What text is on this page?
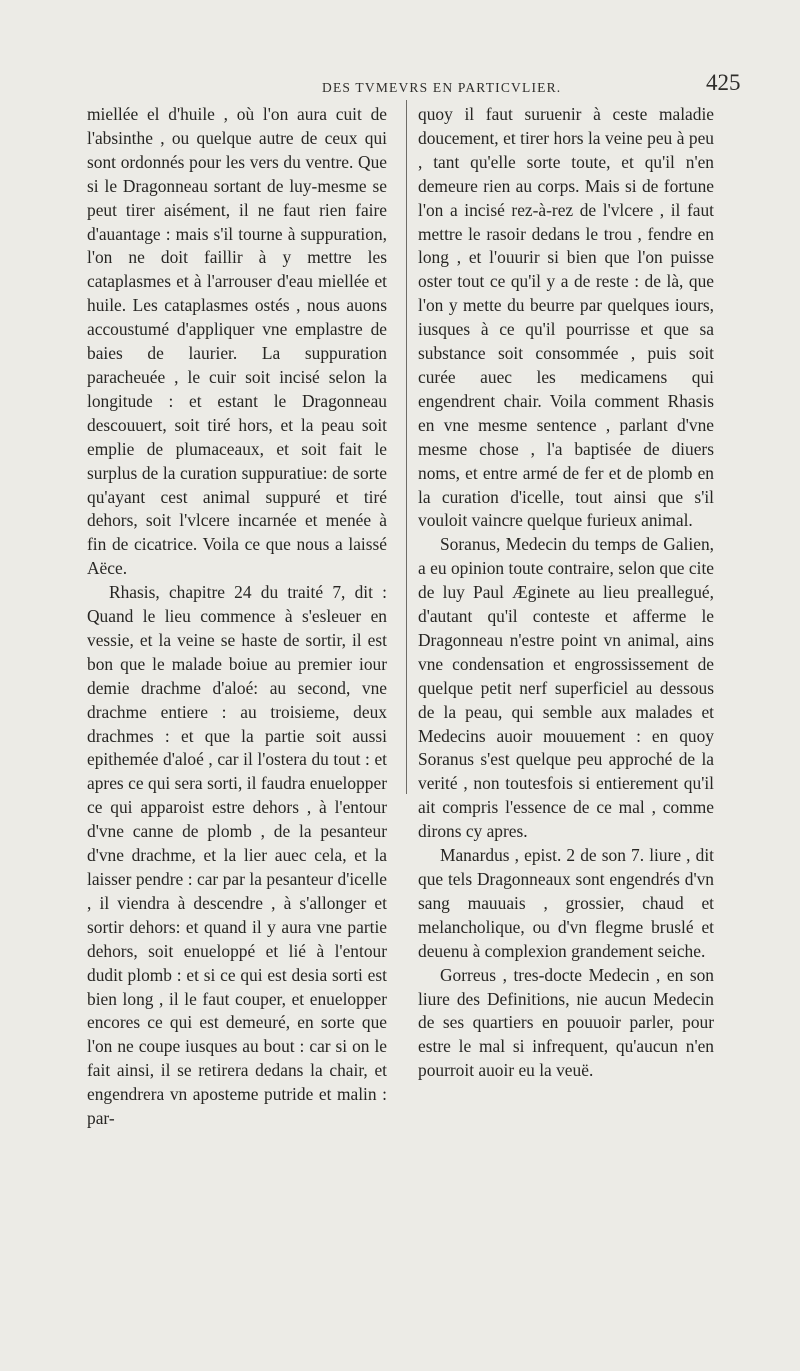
DES TVMEVRS EN PARTICVLIER.	425

miellée el d'huile , où l'on aura cuit de l'absinthe , ou quelque autre de ceux qui sont ordonnés pour les vers du ventre. Que si le Dragonneau sortant de luy-mesme se peut tirer aisément, il ne faut rien faire d'auantage : mais s'il tourne à suppuration, l'on ne doit faillir à y mettre les cataplasmes et à l'arrouser d'eau miellée et huile. Les cataplasmes ostés , nous auons accoustumé d'appliquer vne emplastre de baies de laurier. La suppuration paracheuée , le cuir soit incisé selon la longitude : et estant le Dragonneau descouuert, soit tiré hors, et la peau soit emplie de plumaceaux, et soit fait le surplus de la curation suppuratiue: de sorte qu'ayant cest animal suppuré et tiré dehors, soit l'vlcere incarnée et menée à fin de cicatrice. Voila ce que nous a laissé Aëce.

Rhasis, chapitre 24 du traité 7, dit : Quand le lieu commence à s'esleuer en vessie, et la veine se haste de sortir, il est bon que le malade boiue au premier iour demie drachme d'aloé: au second, vne drachme entiere : au troisieme, deux drachmes : et que la partie soit aussi epithemée d'aloé , car il l'ostera du tout : et apres ce qui sera sorti, il faudra enuelopper ce qui apparoist estre dehors , à l'entour d'vne canne de plomb , de la pesanteur d'vne drachme, et la lier auec cela, et la laisser pendre : car par la pesanteur d'icelle , il viendra à descendre , à s'allonger et sortir dehors: et quand il y aura vne partie dehors, soit enueloppé et lié à l'entour dudit plomb : et si ce qui est desia sorti est bien long , il le faut couper, et enuelopper encores ce qui est demeuré, en sorte que l'on ne coupe iusques au bout : car si on le fait ainsi, il se retirera dedans la chair, et engendrera vn aposteme putride et malin : par-

quoy il faut suruenir à ceste maladie doucement, et tirer hors la veine peu à peu , tant qu'elle sorte toute, et qu'il n'en demeure rien au corps. Mais si de fortune l'on a incisé rez-à-rez de l'vlcere , il faut mettre le rasoir dedans le trou , fendre en long , et l'ouurir si bien que l'on puisse oster tout ce qu'il y a de reste : de là, que l'on y mette du beurre par quelques iours, iusques à ce qu'il pourrisse et que sa substance soit consommée , puis soit curée auec les medicamens qui engendrent chair. Voila comment Rhasis en vne mesme sentence , parlant d'vne mesme chose , l'a baptisée de diuers noms, et entre armé de fer et de plomb en la curation d'icelle, tout ainsi que s'il vouloit vaincre quelque furieux animal.

Soranus, Medecin du temps de Galien, a eu opinion toute contraire, selon que cite de luy Paul Æginete au lieu preallegué, d'autant qu'il conteste et afferme le Dragonneau n'estre point vn animal, ains vne condensation et engrossissement de quelque petit nerf superficiel au dessous de la peau, qui semble aux malades et Medecins auoir mouuement : en quoy Soranus s'est quelque peu approché de la verité , non toutesfois si entierement qu'il ait compris l'essence de ce mal , comme dirons cy apres.

Manardus , epist. 2 de son 7. liure , dit que tels Dragonneaux sont engendrés d'vn sang mauuais , grossier, chaud et melancholique, ou d'vn flegme bruslé et deuenu à complexion grandement seiche.

Gorreus , tres-docte Medecin , en son liure des Definitions, nie aucun Medecin de ses quartiers en pouuoir parler, pour estre le mal si infrequent, qu'aucun n'en pourroit auoir eu la veuë.
